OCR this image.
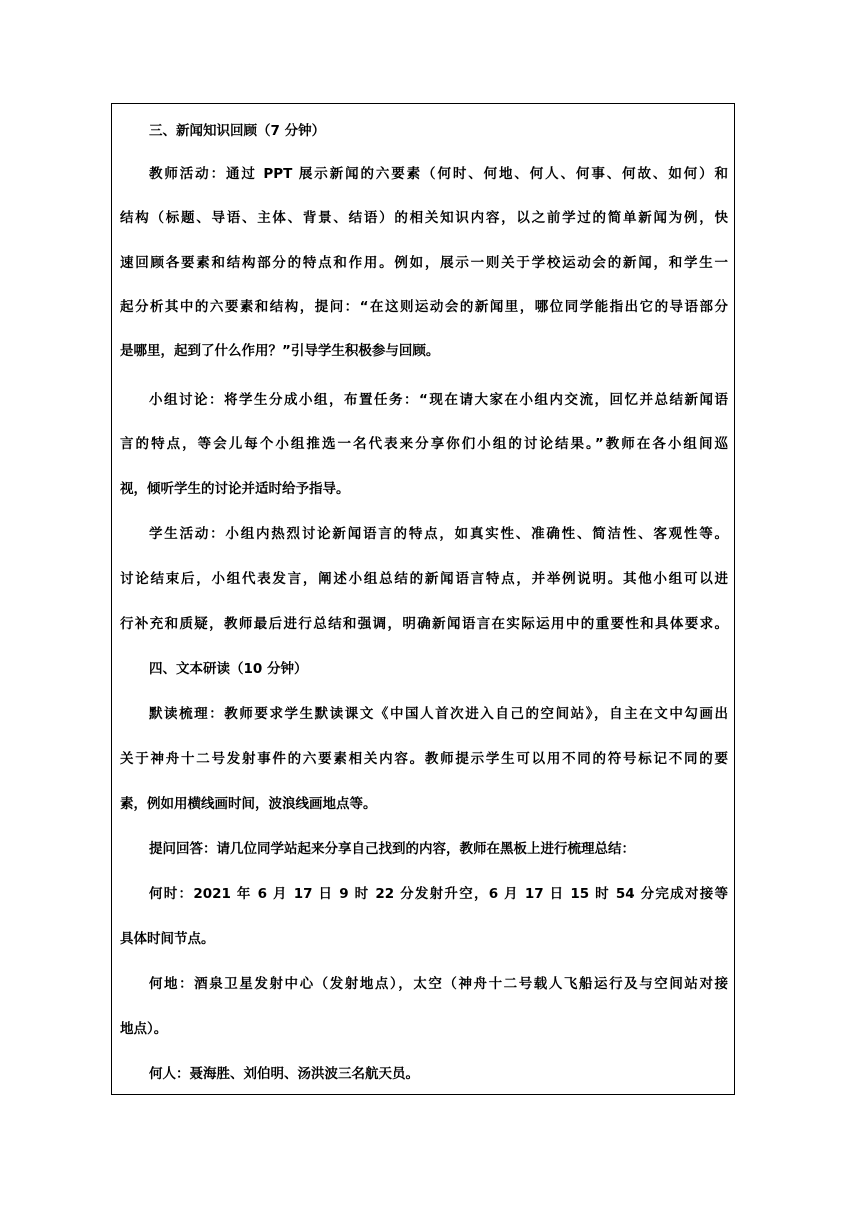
三、新闻知识回顾（7 分钟）
教师活动：通过 PPT 展示新闻的六要素（何时、何地、何人、何事、何故、如何）和
结构（标题、导语、主体、背景、结语）的相关知识内容，以之前学过的简单新闻为例，快
速回顾各要素和结构部分的特点和作用。例如，展示一则关于学校运动会的新闻，和学生一
起分析其中的六要素和结构，提问：“在这则运动会的新闻里，哪位同学能指出它的导语部分
是哪里，起到了什么作用？”引导学生积极参与回顾。
小组讨论：将学生分成小组，布置任务：“现在请大家在小组内交流，回忆并总结新闻语
言的特点，等会儿每个小组推选一名代表来分享你们小组的讨论结果。”教师在各小组间巡
视，倾听学生的讨论并适时给予指导。
学生活动：小组内热烈讨论新闻语言的特点，如真实性、准确性、简洁性、客观性等。
讨论结束后，小组代表发言，阐述小组总结的新闻语言特点，并举例说明。其他小组可以进
行补充和质疑，教师最后进行总结和强调，明确新闻语言在实际运用中的重要性和具体要求。
四、文本研读（10 分钟）
默读梳理：教师要求学生默读课文《中国人首次进入自己的空间站》，自主在文中勾画出
关于神舟十二号发射事件的六要素相关内容。教师提示学生可以用不同的符号标记不同的要
素，例如用横线画时间，波浪线画地点等。
提问回答：请几位同学站起来分享自己找到的内容，教师在黑板上进行梳理总结：
何时：2021 年 6 月 17 日 9 时 22 分发射升空，6 月 17 日 15 时 54 分完成对接等
具体时间节点。
何地：酒泉卫星发射中心（发射地点），太空（神舟十二号载人飞船运行及与空间站对接
地点）。
何人：聂海胜、刘伯明、汤洪波三名航天员。
